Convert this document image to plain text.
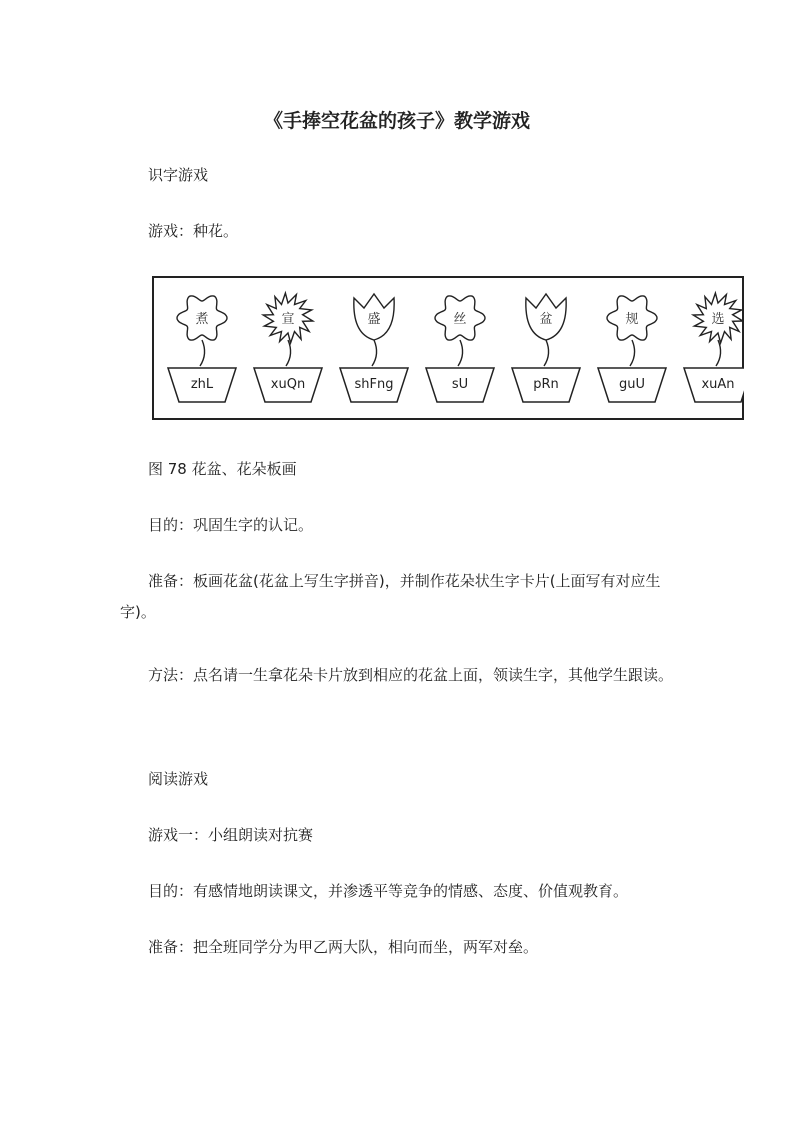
《手捧空花盆的孩子》教学游戏
识字游戏
游戏：种花。
煮
zhL
宣
xuQn
盛
shFng
丝
sU
盆
pRn
规
guU
选
xuAn
图 78 花盆、花朵板画
目的：巩固生字的认记。
准备：板画花盆(花盆上写生字拼音)，并制作花朵状生字卡片(上面写有对应生字)。
方法：点名请一生拿花朵卡片放到相应的花盆上面，领读生字，其他学生跟读。
阅读游戏
游戏一：小组朗读对抗赛
目的：有感情地朗读课文，并渗透平等竞争的情感、态度、价值观教育。
准备：把全班同学分为甲乙两大队，相向而坐，两军对垒。
